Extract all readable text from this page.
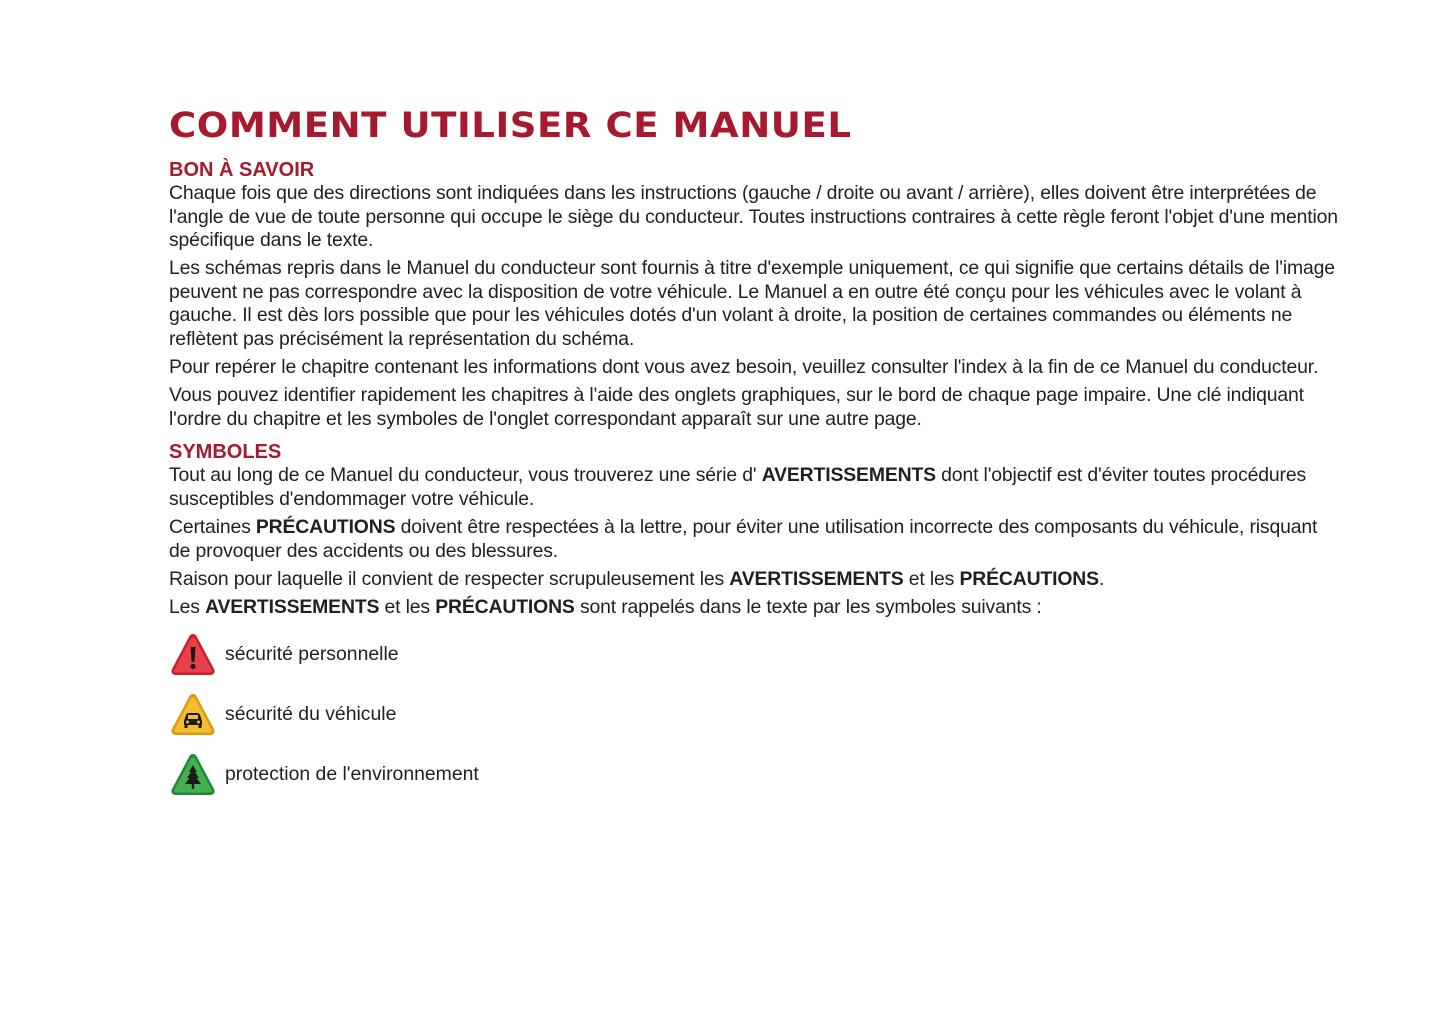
COMMENT UTILISER CE MANUEL
BON À SAVOIR

Chaque fois que des directions sont indiquées dans les instructions (gauche / droite ou avant / arrière), elles doivent être interprétées de l'angle de vue de toute personne qui occupe le siège du conducteur. Toutes instructions contraires à cette règle feront l'objet d'une mention spécifique dans le texte.

Les schémas repris dans le Manuel du conducteur sont fournis à titre d'exemple uniquement, ce qui signifie que certains détails de l'image peuvent ne pas correspondre avec la disposition de votre véhicule. Le Manuel a en outre été conçu pour les véhicules avec le volant à gauche. Il est dès lors possible que pour les véhicules dotés d'un volant à droite, la position de certaines commandes ou éléments ne reflètent pas précisément la représentation du schéma.

Pour repérer le chapitre contenant les informations dont vous avez besoin, veuillez consulter l'index à la fin de ce Manuel du conducteur.

Vous pouvez identifier rapidement les chapitres à l'aide des onglets graphiques, sur le bord de chaque page impaire. Une clé indiquant l'ordre du chapitre et les symboles de l'onglet correspondant apparaît sur une autre page.

SYMBOLES

Tout au long de ce Manuel du conducteur, vous trouverez une série d' AVERTISSEMENTS dont l'objectif est d'éviter toutes procédures susceptibles d'endommager votre véhicule.

Certaines PRÉCAUTIONS doivent être respectées à la lettre, pour éviter une utilisation incorrecte des composants du véhicule, risquant de provoquer des accidents ou des blessures.

Raison pour laquelle il convient de respecter scrupuleusement les AVERTISSEMENTS et les PRÉCAUTIONS.

Les AVERTISSEMENTS et les PRÉCAUTIONS sont rappelés dans le texte par les symboles suivants :

sécurité personnelle
sécurité du véhicule
protection de l'environnement
